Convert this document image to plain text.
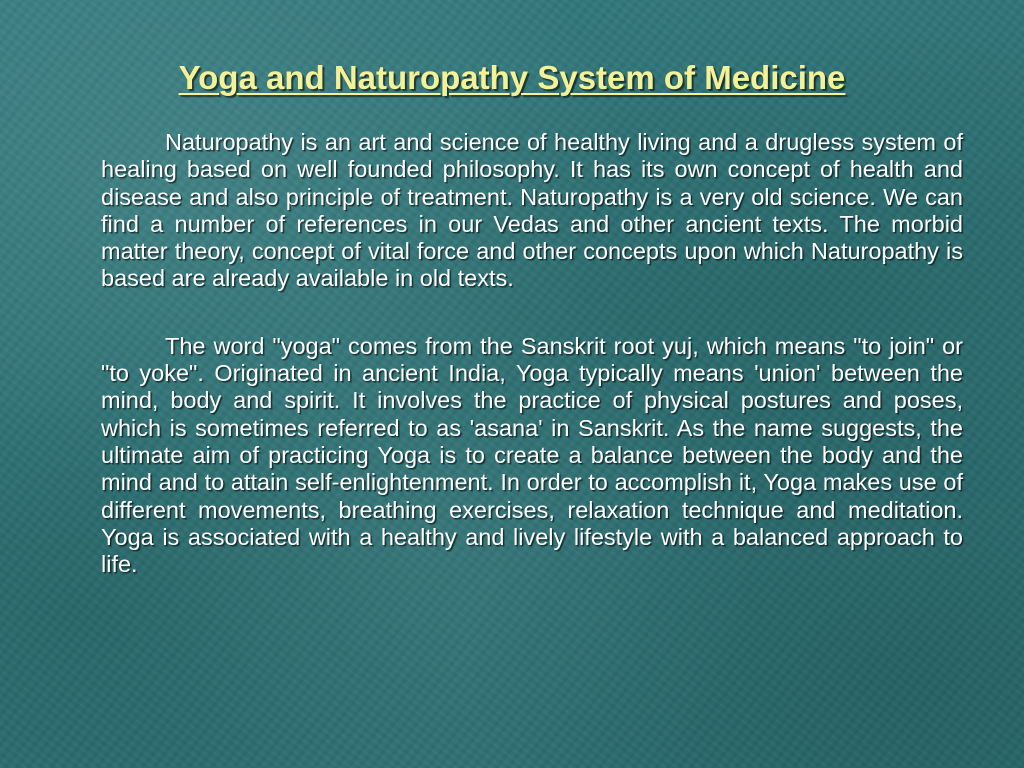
Yoga and Naturopathy System of Medicine

Naturopathy is an art and science of healthy living and a drugless system of healing based on well founded philosophy. It has its own concept of health and disease and also principle of treatment. Naturopathy is a very old science. We can find a number of references in our Vedas and other ancient texts. The morbid matter theory, concept of vital force and other concepts upon which Naturopathy is based are already available in old texts.

The word "yoga" comes from the Sanskrit root yuj, which means "to join" or "to yoke". Originated in ancient India, Yoga typically means 'union' between the mind, body and spirit. It involves the practice of physical postures and poses, which is sometimes referred to as 'asana' in Sanskrit. As the name suggests, the ultimate aim of practicing Yoga is to create a balance between the body and the mind and to attain self-enlightenment. In order to accomplish it, Yoga makes use of different movements, breathing exercises, relaxation technique and meditation. Yoga is associated with a healthy and lively lifestyle with a balanced approach to life.
